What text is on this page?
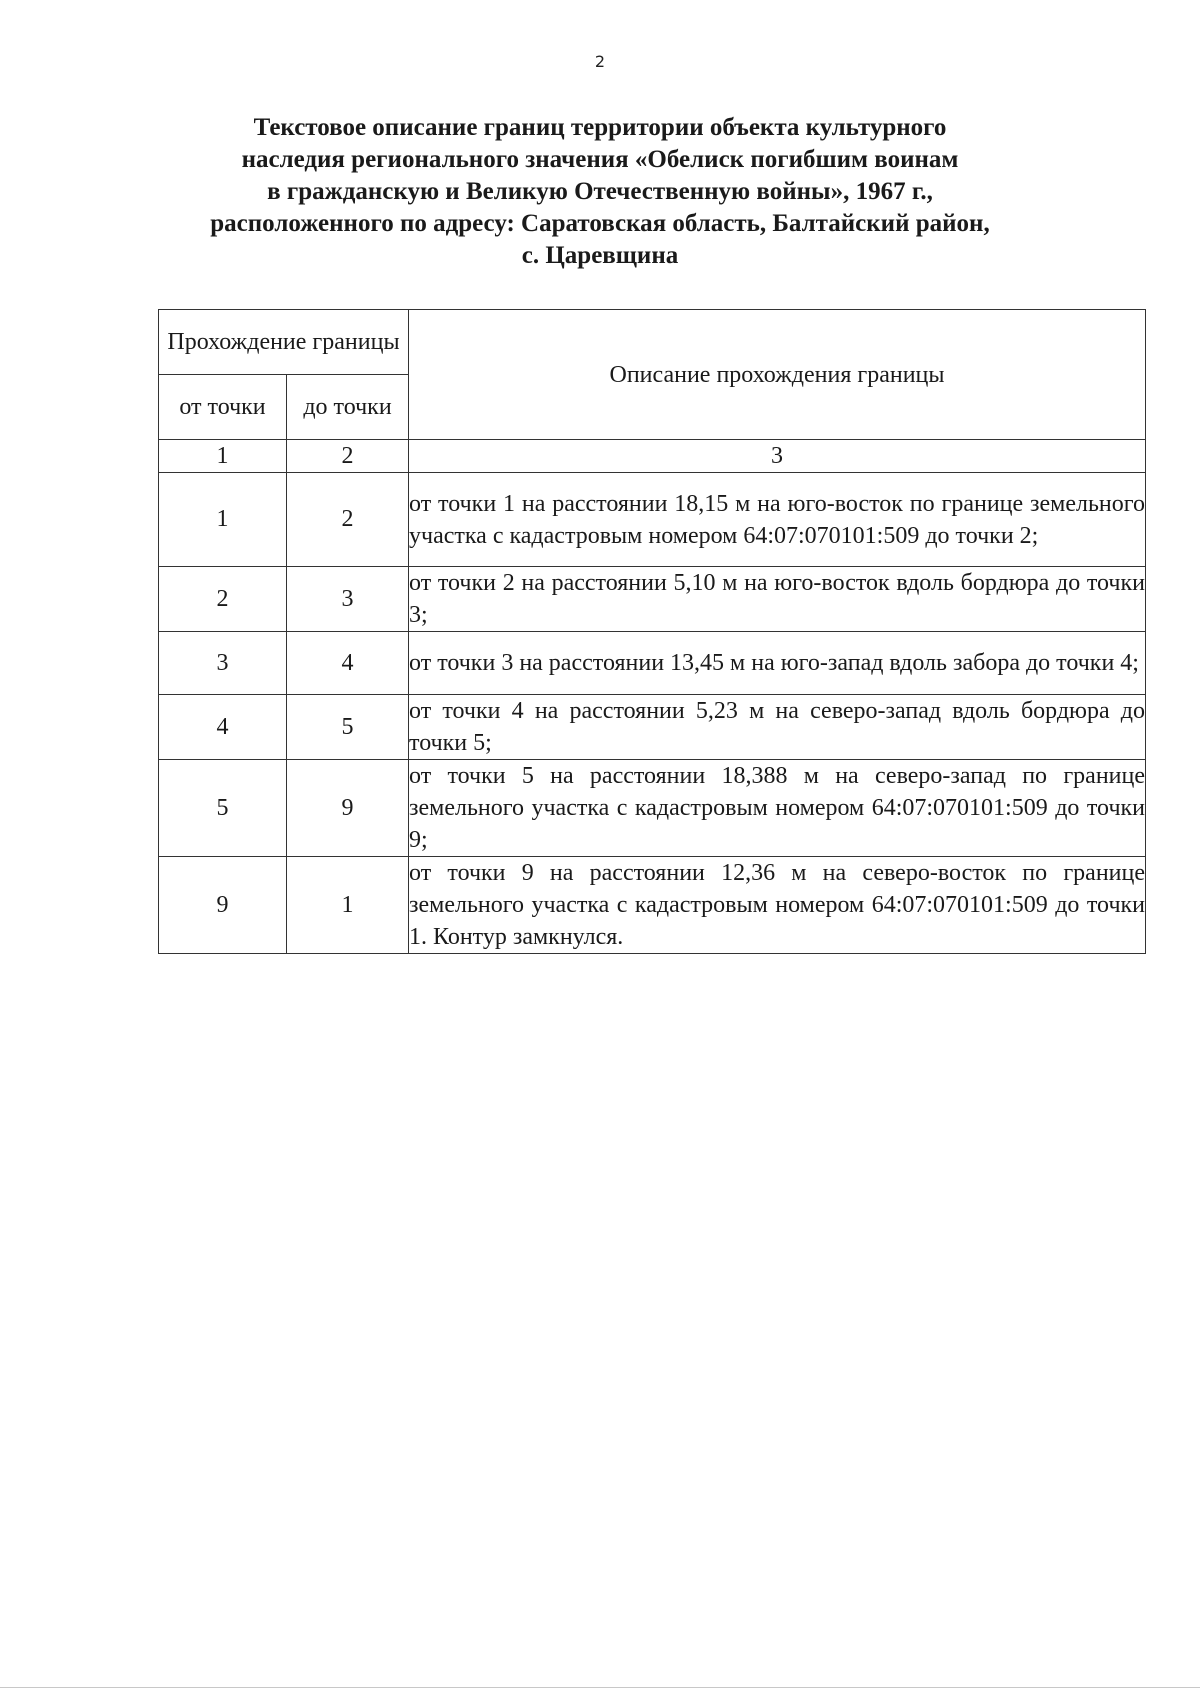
2
Текстовое описание границ территории объекта культурного
наследия регионального значения «Обелиск погибшим воинам
в гражданскую и Великую Отечественную войны», 1967 г.,
расположенного по адресу: Саратовская область, Балтайский район,
с. Царевщина
Прохождение границы		Описание прохождения границы
от точки	до точки	
1	2	3
1	2	от точки 1 на расстоянии 18,15 м на юго-восток по границе земельного участка с кадастровым номером 64:07:070101:509 до точки 2;
2	3	от точки 2 на расстоянии 5,10 м на юго-восток вдоль бордюра до точки 3;
3	4	от точки 3 на расстоянии 13,45 м на юго-запад вдоль забора до точки 4;
4	5	от точки 4 на расстоянии 5,23 м на северо-запад вдоль бордюра до точки 5;
5	9	от точки 5 на расстоянии 18,388 м на северо-запад по границе земельного участка с кадастровым номером 64:07:070101:509 до точки 9;
9	1	от точки 9 на расстоянии 12,36 м на северо-восток по границе земельного участка с кадастровым номером 64:07:070101:509 до точки 1. Контур замкнулся.
